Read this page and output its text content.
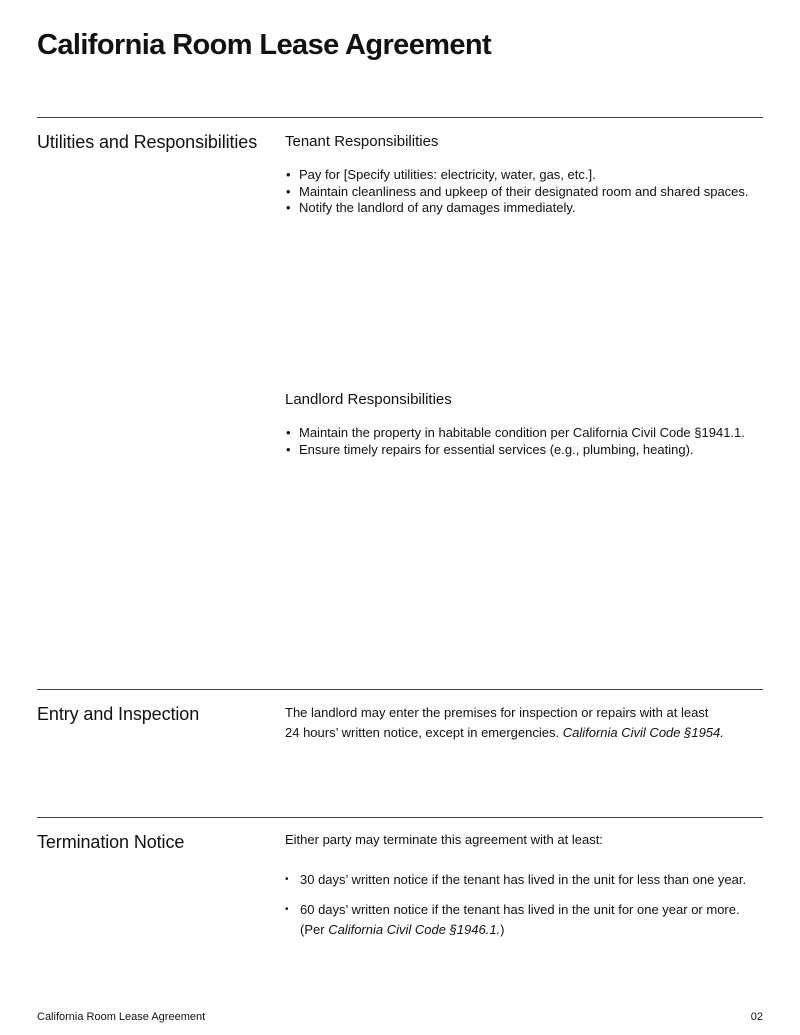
California Room Lease Agreement
Utilities and Responsibilities Tenant Responsibilities
• Pay for [Specify utilities: electricity, water, gas, etc.].
• Maintain cleanliness and upkeep of their designated room and shared spaces.
• Notify the landlord of any damages immediately.
Landlord Responsibilities
• Maintain the property in habitable condition per California Civil Code §1941.1.
• Ensure timely repairs for essential services (e.g., plumbing, heating).
Entry and Inspection	The landlord may enter the premises for inspection or repairs with at least
24 hours’ written notice, except in emergencies. California Civil Code §1954.

Termination Notice	Either party may terminate this agreement with at least:

• 30 days’ written notice if the tenant has lived in the unit for less than one year.
• 60 days’ written notice if the tenant has lived in the unit for one year or more.
(Per California Civil Code §1946.1.)
California Room Lease Agreement	02
